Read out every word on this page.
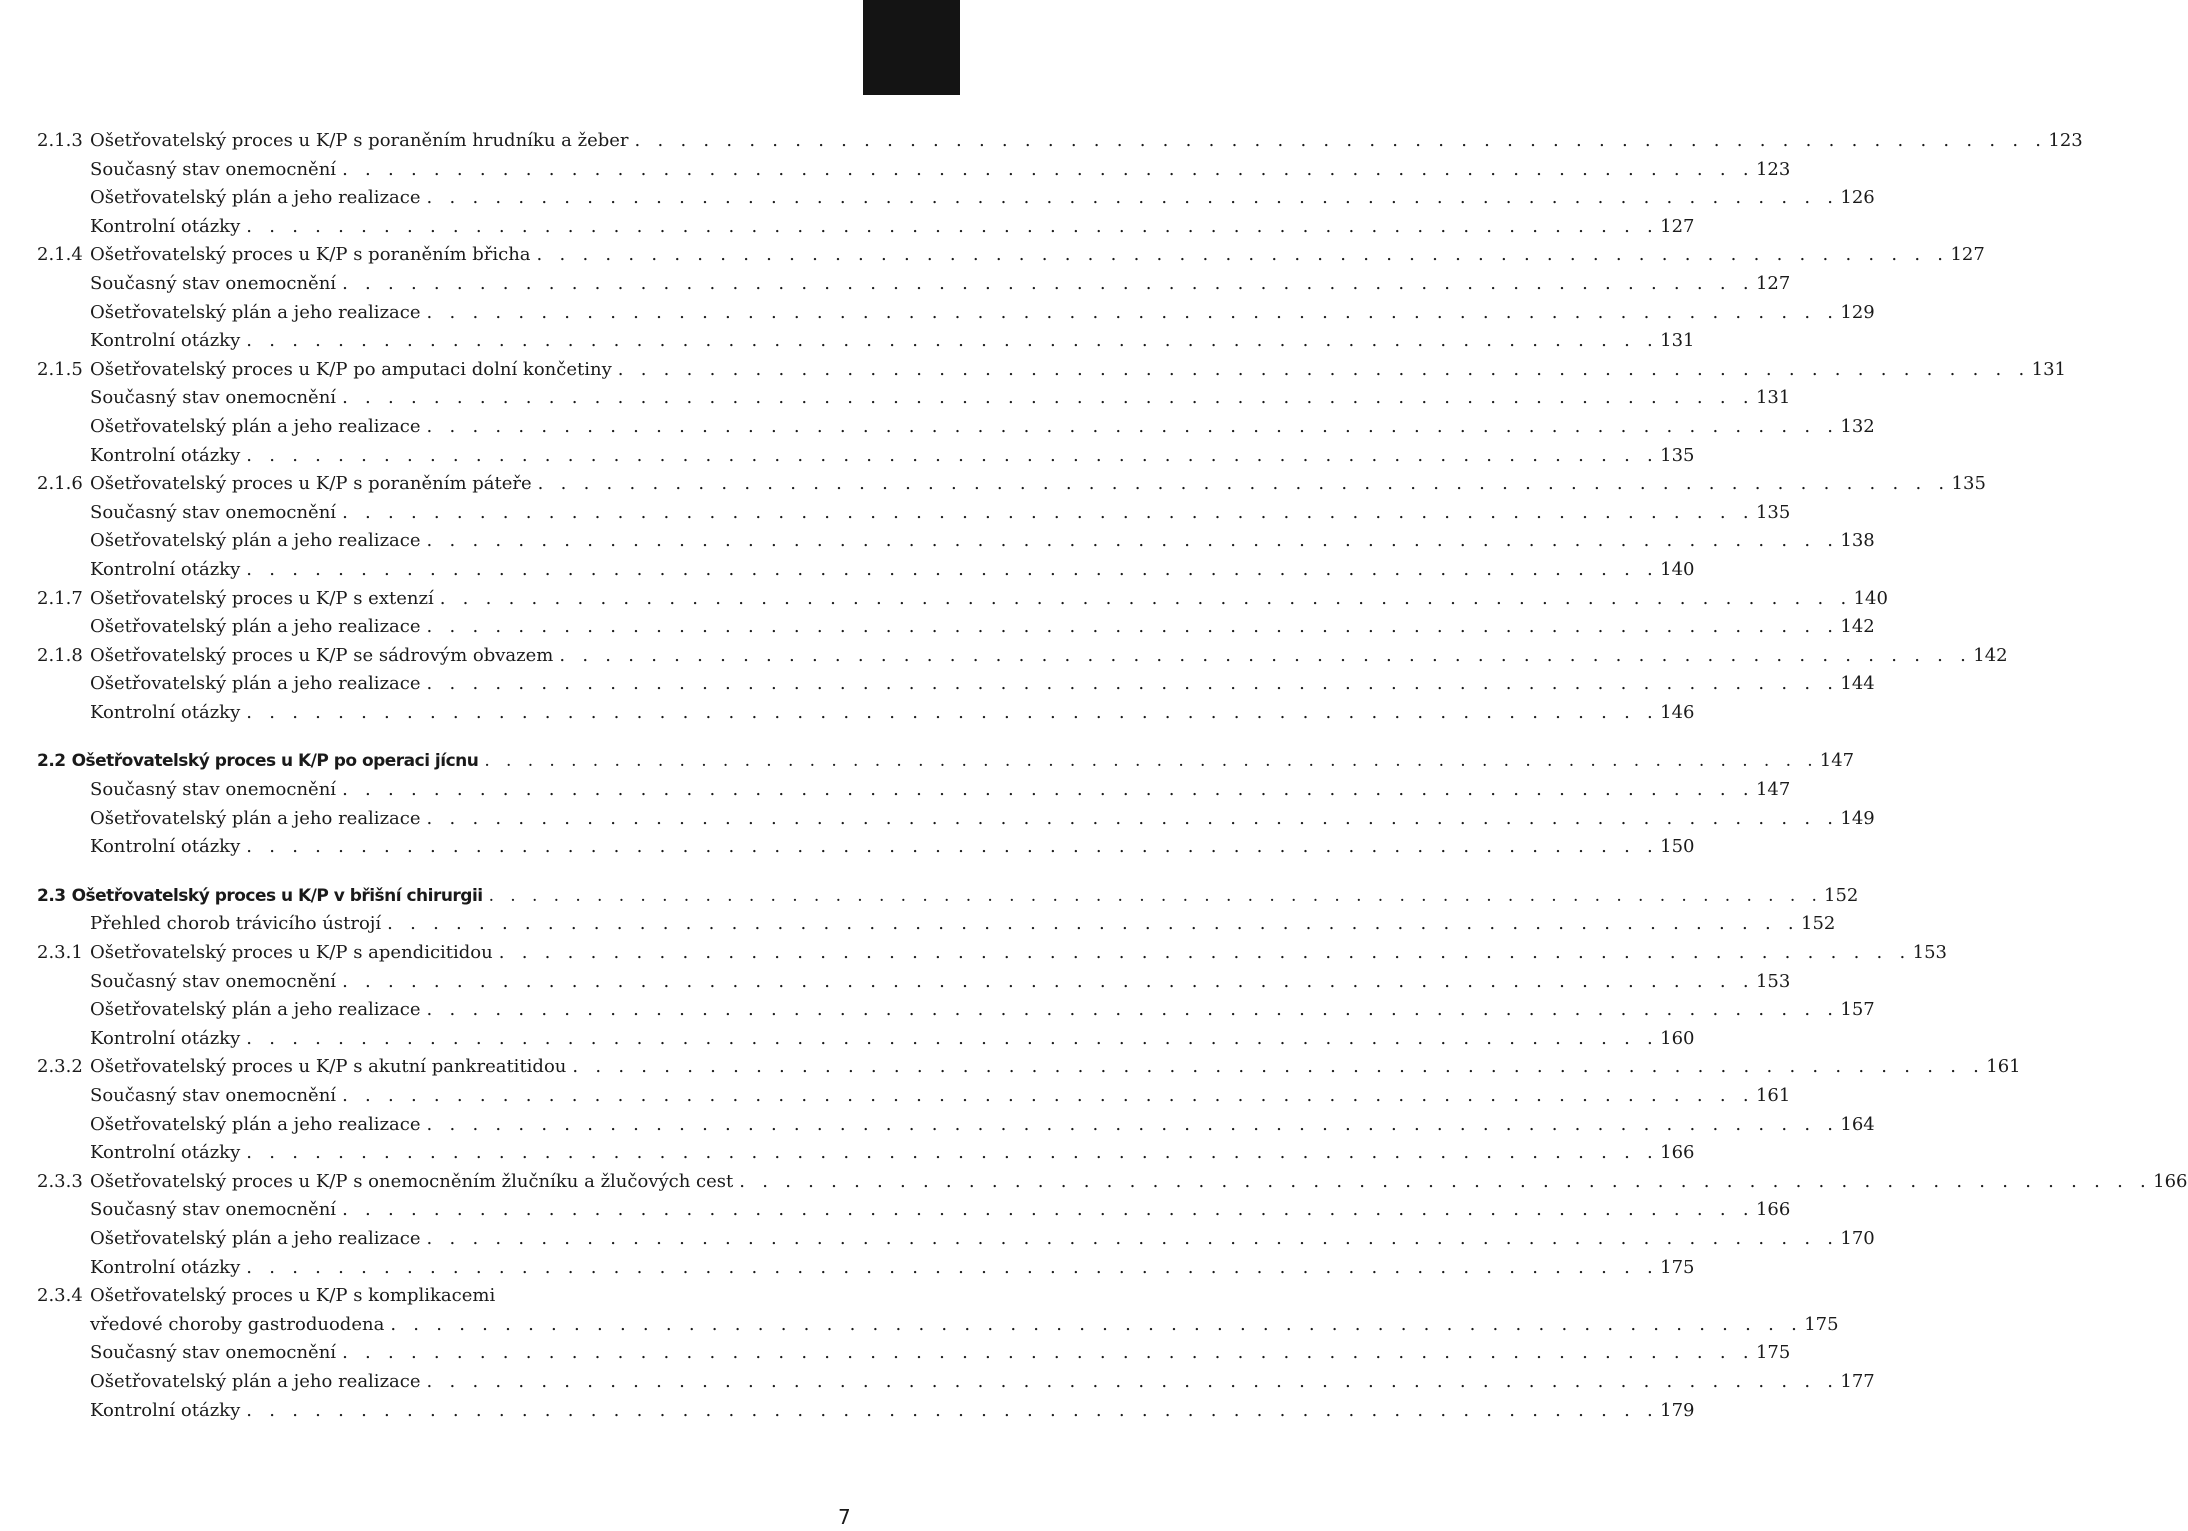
2.1.3 Ošetřovatelský proces u K/P s poraněním hrudníku a žeber . . . . . . . . . . . . . . . . . . . . . . . . . . . . . . . . . . . . . . . . . . . . . . . . . . . . . . . . . . . . . . 123
Současný stav onemocnění . . . . . . . . . . . . . . . . . . . . . . . . . . . . . . . . . . . . . . . . . . . . . . . . . . . . . . . . . . . . . . 123
Ošetřovatelský plán a jeho realizace . . . . . . . . . . . . . . . . . . . . . . . . . . . . . . . . . . . . . . . . . . . . . . . . . . . . . . . . . . . . . . 126
Kontrolní otázky . . . . . . . . . . . . . . . . . . . . . . . . . . . . . . . . . . . . . . . . . . . . . . . . . . . . . . . . . . . . . . 127
2.1.4 Ošetřovatelský proces u K/P s poraněním břicha . . . . . . . . . . . . . . . . . . . . . . . . . . . . . . . . . . . . . . . . . . . . . . . . . . . . . . . . . . . . . . 127
Současný stav onemocnění . . . . . . . . . . . . . . . . . . . . . . . . . . . . . . . . . . . . . . . . . . . . . . . . . . . . . . . . . . . . . . 127
Ošetřovatelský plán a jeho realizace . . . . . . . . . . . . . . . . . . . . . . . . . . . . . . . . . . . . . . . . . . . . . . . . . . . . . . . . . . . . . . 129
Kontrolní otázky . . . . . . . . . . . . . . . . . . . . . . . . . . . . . . . . . . . . . . . . . . . . . . . . . . . . . . . . . . . . . . 131
2.1.5 Ošetřovatelský proces u K/P po amputaci dolní končetiny . . . . . . . . . . . . . . . . . . . . . . . . . . . . . . . . . . . . . . . . . . . . . . . . . . . . . . . . . . . . . . 131
Současný stav onemocnění . . . . . . . . . . . . . . . . . . . . . . . . . . . . . . . . . . . . . . . . . . . . . . . . . . . . . . . . . . . . . . 131
Ošetřovatelský plán a jeho realizace . . . . . . . . . . . . . . . . . . . . . . . . . . . . . . . . . . . . . . . . . . . . . . . . . . . . . . . . . . . . . . 132
Kontrolní otázky . . . . . . . . . . . . . . . . . . . . . . . . . . . . . . . . . . . . . . . . . . . . . . . . . . . . . . . . . . . . . . 135
2.1.6 Ošetřovatelský proces u K/P s poraněním páteře . . . . . . . . . . . . . . . . . . . . . . . . . . . . . . . . . . . . . . . . . . . . . . . . . . . . . . . . . . . . . . 135
Současný stav onemocnění . . . . . . . . . . . . . . . . . . . . . . . . . . . . . . . . . . . . . . . . . . . . . . . . . . . . . . . . . . . . . . 135
Ošetřovatelský plán a jeho realizace . . . . . . . . . . . . . . . . . . . . . . . . . . . . . . . . . . . . . . . . . . . . . . . . . . . . . . . . . . . . . . 138
Kontrolní otázky . . . . . . . . . . . . . . . . . . . . . . . . . . . . . . . . . . . . . . . . . . . . . . . . . . . . . . . . . . . . . . 140
2.1.7 Ošetřovatelský proces u K/P s extenzí . . . . . . . . . . . . . . . . . . . . . . . . . . . . . . . . . . . . . . . . . . . . . . . . . . . . . . . . . . . . . . 140
Ošetřovatelský plán a jeho realizace . . . . . . . . . . . . . . . . . . . . . . . . . . . . . . . . . . . . . . . . . . . . . . . . . . . . . . . . . . . . . . 142
2.1.8 Ošetřovatelský proces u K/P se sádrovým obvazem . . . . . . . . . . . . . . . . . . . . . . . . . . . . . . . . . . . . . . . . . . . . . . . . . . . . . . . . . . . . . . 142
Ošetřovatelský plán a jeho realizace . . . . . . . . . . . . . . . . . . . . . . . . . . . . . . . . . . . . . . . . . . . . . . . . . . . . . . . . . . . . . . 144
Kontrolní otázky . . . . . . . . . . . . . . . . . . . . . . . . . . . . . . . . . . . . . . . . . . . . . . . . . . . . . . . . . . . . . . 146
2.2 Ošetřovatelský proces u K/P po operaci jícnu . . . . . . . . . . . . . . . . . . . . . . . . . . . . . . . . . . . . . . . . . . . . . . . . . . . . . . . . . . . . . . 147
Současný stav onemocnění . . . . . . . . . . . . . . . . . . . . . . . . . . . . . . . . . . . . . . . . . . . . . . . . . . . . . . . . . . . . . . 147
Ošetřovatelský plán a jeho realizace . . . . . . . . . . . . . . . . . . . . . . . . . . . . . . . . . . . . . . . . . . . . . . . . . . . . . . . . . . . . . . 149
Kontrolní otázky . . . . . . . . . . . . . . . . . . . . . . . . . . . . . . . . . . . . . . . . . . . . . . . . . . . . . . . . . . . . . . 150
2.3 Ošetřovatelský proces u K/P v břišní chirurgii . . . . . . . . . . . . . . . . . . . . . . . . . . . . . . . . . . . . . . . . . . . . . . . . . . . . . . . . . . . . . . 152
Přehled chorob trávicího ústrojí . . . . . . . . . . . . . . . . . . . . . . . . . . . . . . . . . . . . . . . . . . . . . . . . . . . . . . . . . . . . . . 152
2.3.1 Ošetřovatelský proces u K/P s apendicitidou . . . . . . . . . . . . . . . . . . . . . . . . . . . . . . . . . . . . . . . . . . . . . . . . . . . . . . . . . . . . . . 153
Současný stav onemocnění . . . . . . . . . . . . . . . . . . . . . . . . . . . . . . . . . . . . . . . . . . . . . . . . . . . . . . . . . . . . . . 153
Ošetřovatelský plán a jeho realizace . . . . . . . . . . . . . . . . . . . . . . . . . . . . . . . . . . . . . . . . . . . . . . . . . . . . . . . . . . . . . . 157
Kontrolní otázky . . . . . . . . . . . . . . . . . . . . . . . . . . . . . . . . . . . . . . . . . . . . . . . . . . . . . . . . . . . . . . 160
2.3.2 Ošetřovatelský proces u K/P s akutní pankreatitidou . . . . . . . . . . . . . . . . . . . . . . . . . . . . . . . . . . . . . . . . . . . . . . . . . . . . . . . . . . . . . . 161
Současný stav onemocnění . . . . . . . . . . . . . . . . . . . . . . . . . . . . . . . . . . . . . . . . . . . . . . . . . . . . . . . . . . . . . . 161
Ošetřovatelský plán a jeho realizace . . . . . . . . . . . . . . . . . . . . . . . . . . . . . . . . . . . . . . . . . . . . . . . . . . . . . . . . . . . . . . 164
Kontrolní otázky . . . . . . . . . . . . . . . . . . . . . . . . . . . . . . . . . . . . . . . . . . . . . . . . . . . . . . . . . . . . . . 166
2.3.3 Ošetřovatelský proces u K/P s onemocněním žlučníku a žlučových cest . . . . . . . . . . . . . . . . . . . . . . . . . . . . . . . . . . . . . . . . . . . . . . . . . . . . . . . . . . . . . . 166
Současný stav onemocnění . . . . . . . . . . . . . . . . . . . . . . . . . . . . . . . . . . . . . . . . . . . . . . . . . . . . . . . . . . . . . . 166
Ošetřovatelský plán a jeho realizace . . . . . . . . . . . . . . . . . . . . . . . . . . . . . . . . . . . . . . . . . . . . . . . . . . . . . . . . . . . . . . 170
Kontrolní otázky . . . . . . . . . . . . . . . . . . . . . . . . . . . . . . . . . . . . . . . . . . . . . . . . . . . . . . . . . . . . . . 175
2.3.4 Ošetřovatelský proces u K/P s komplikacemi
vředové choroby gastroduodena . . . . . . . . . . . . . . . . . . . . . . . . . . . . . . . . . . . . . . . . . . . . . . . . . . . . . . . . . . . . . . 175
Současný stav onemocnění . . . . . . . . . . . . . . . . . . . . . . . . . . . . . . . . . . . . . . . . . . . . . . . . . . . . . . . . . . . . . . 175
Ošetřovatelský plán a jeho realizace . . . . . . . . . . . . . . . . . . . . . . . . . . . . . . . . . . . . . . . . . . . . . . . . . . . . . . . . . . . . . . 177
Kontrolní otázky . . . . . . . . . . . . . . . . . . . . . . . . . . . . . . . . . . . . . . . . . . . . . . . . . . . . . . . . . . . . . . 179
7
